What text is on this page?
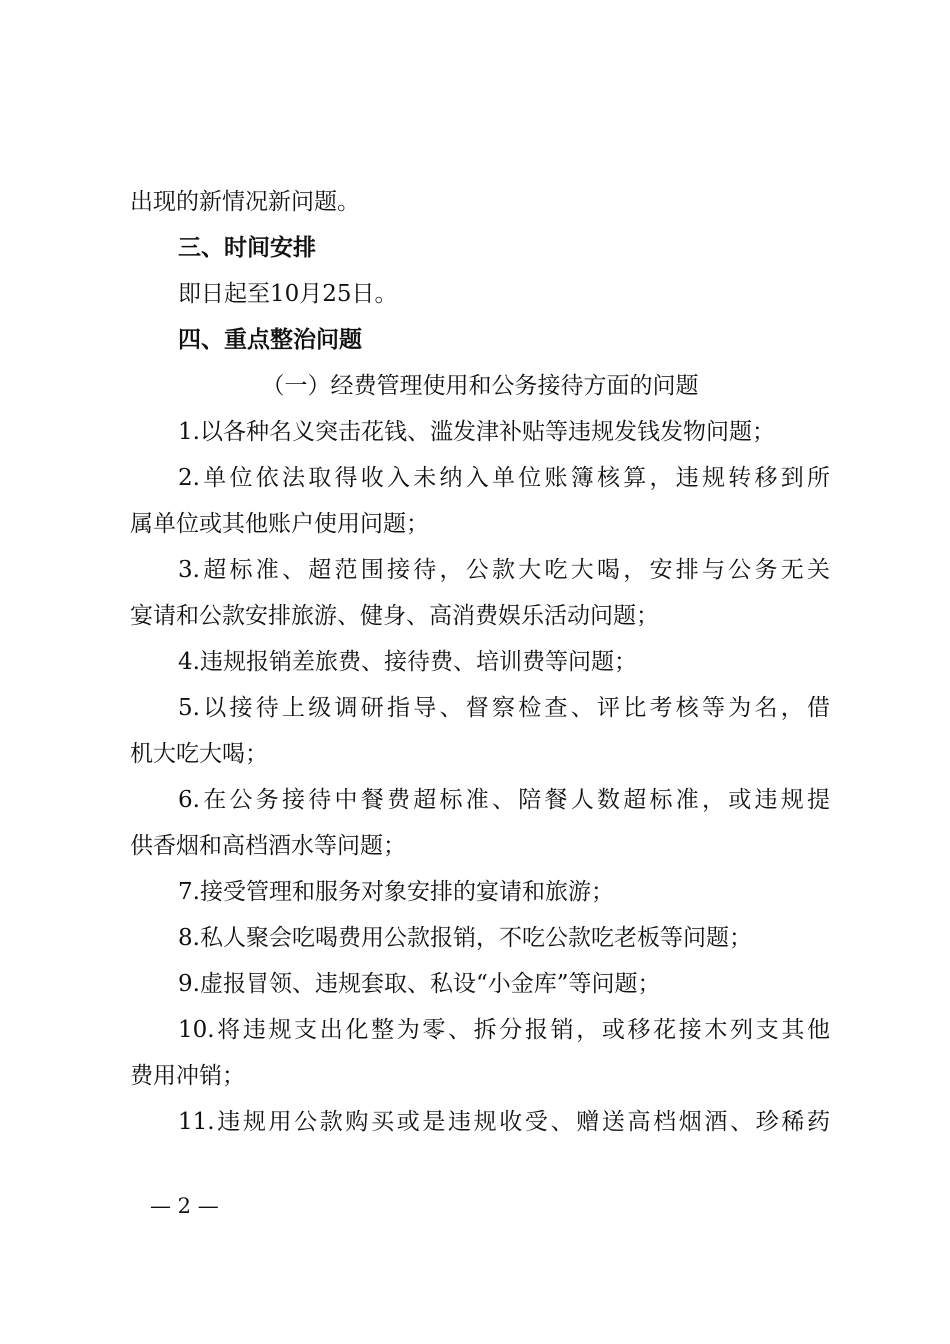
出现的新情况新问题。
三、时间安排
即日起至10月25日。
四、重点整治问题
（一）经费管理使用和公务接待方面的问题
1.以各种名义突击花钱、滥发津补贴等违规发钱发物问题；
2.单位依法取得收入未纳入单位账簿核算，违规转移到所
属单位或其他账户使用问题；
3.超标准、超范围接待，公款大吃大喝，安排与公务无关
宴请和公款安排旅游、健身、高消费娱乐活动问题；
4.违规报销差旅费、接待费、培训费等问题；
5.以接待上级调研指导、督察检查、评比考核等为名，借
机大吃大喝；
6.在公务接待中餐费超标准、陪餐人数超标准，或违规提
供香烟和高档酒水等问题；
7.接受管理和服务对象安排的宴请和旅游；
8.私人聚会吃喝费用公款报销，不吃公款吃老板等问题；
9.虚报冒领、违规套取、私设“小金库”等问题；
10.将违规支出化整为零、拆分报销，或移花接木列支其他
费用冲销；
11.违规用公款购买或是违规收受、赠送高档烟酒、珍稀药
— 2 —
